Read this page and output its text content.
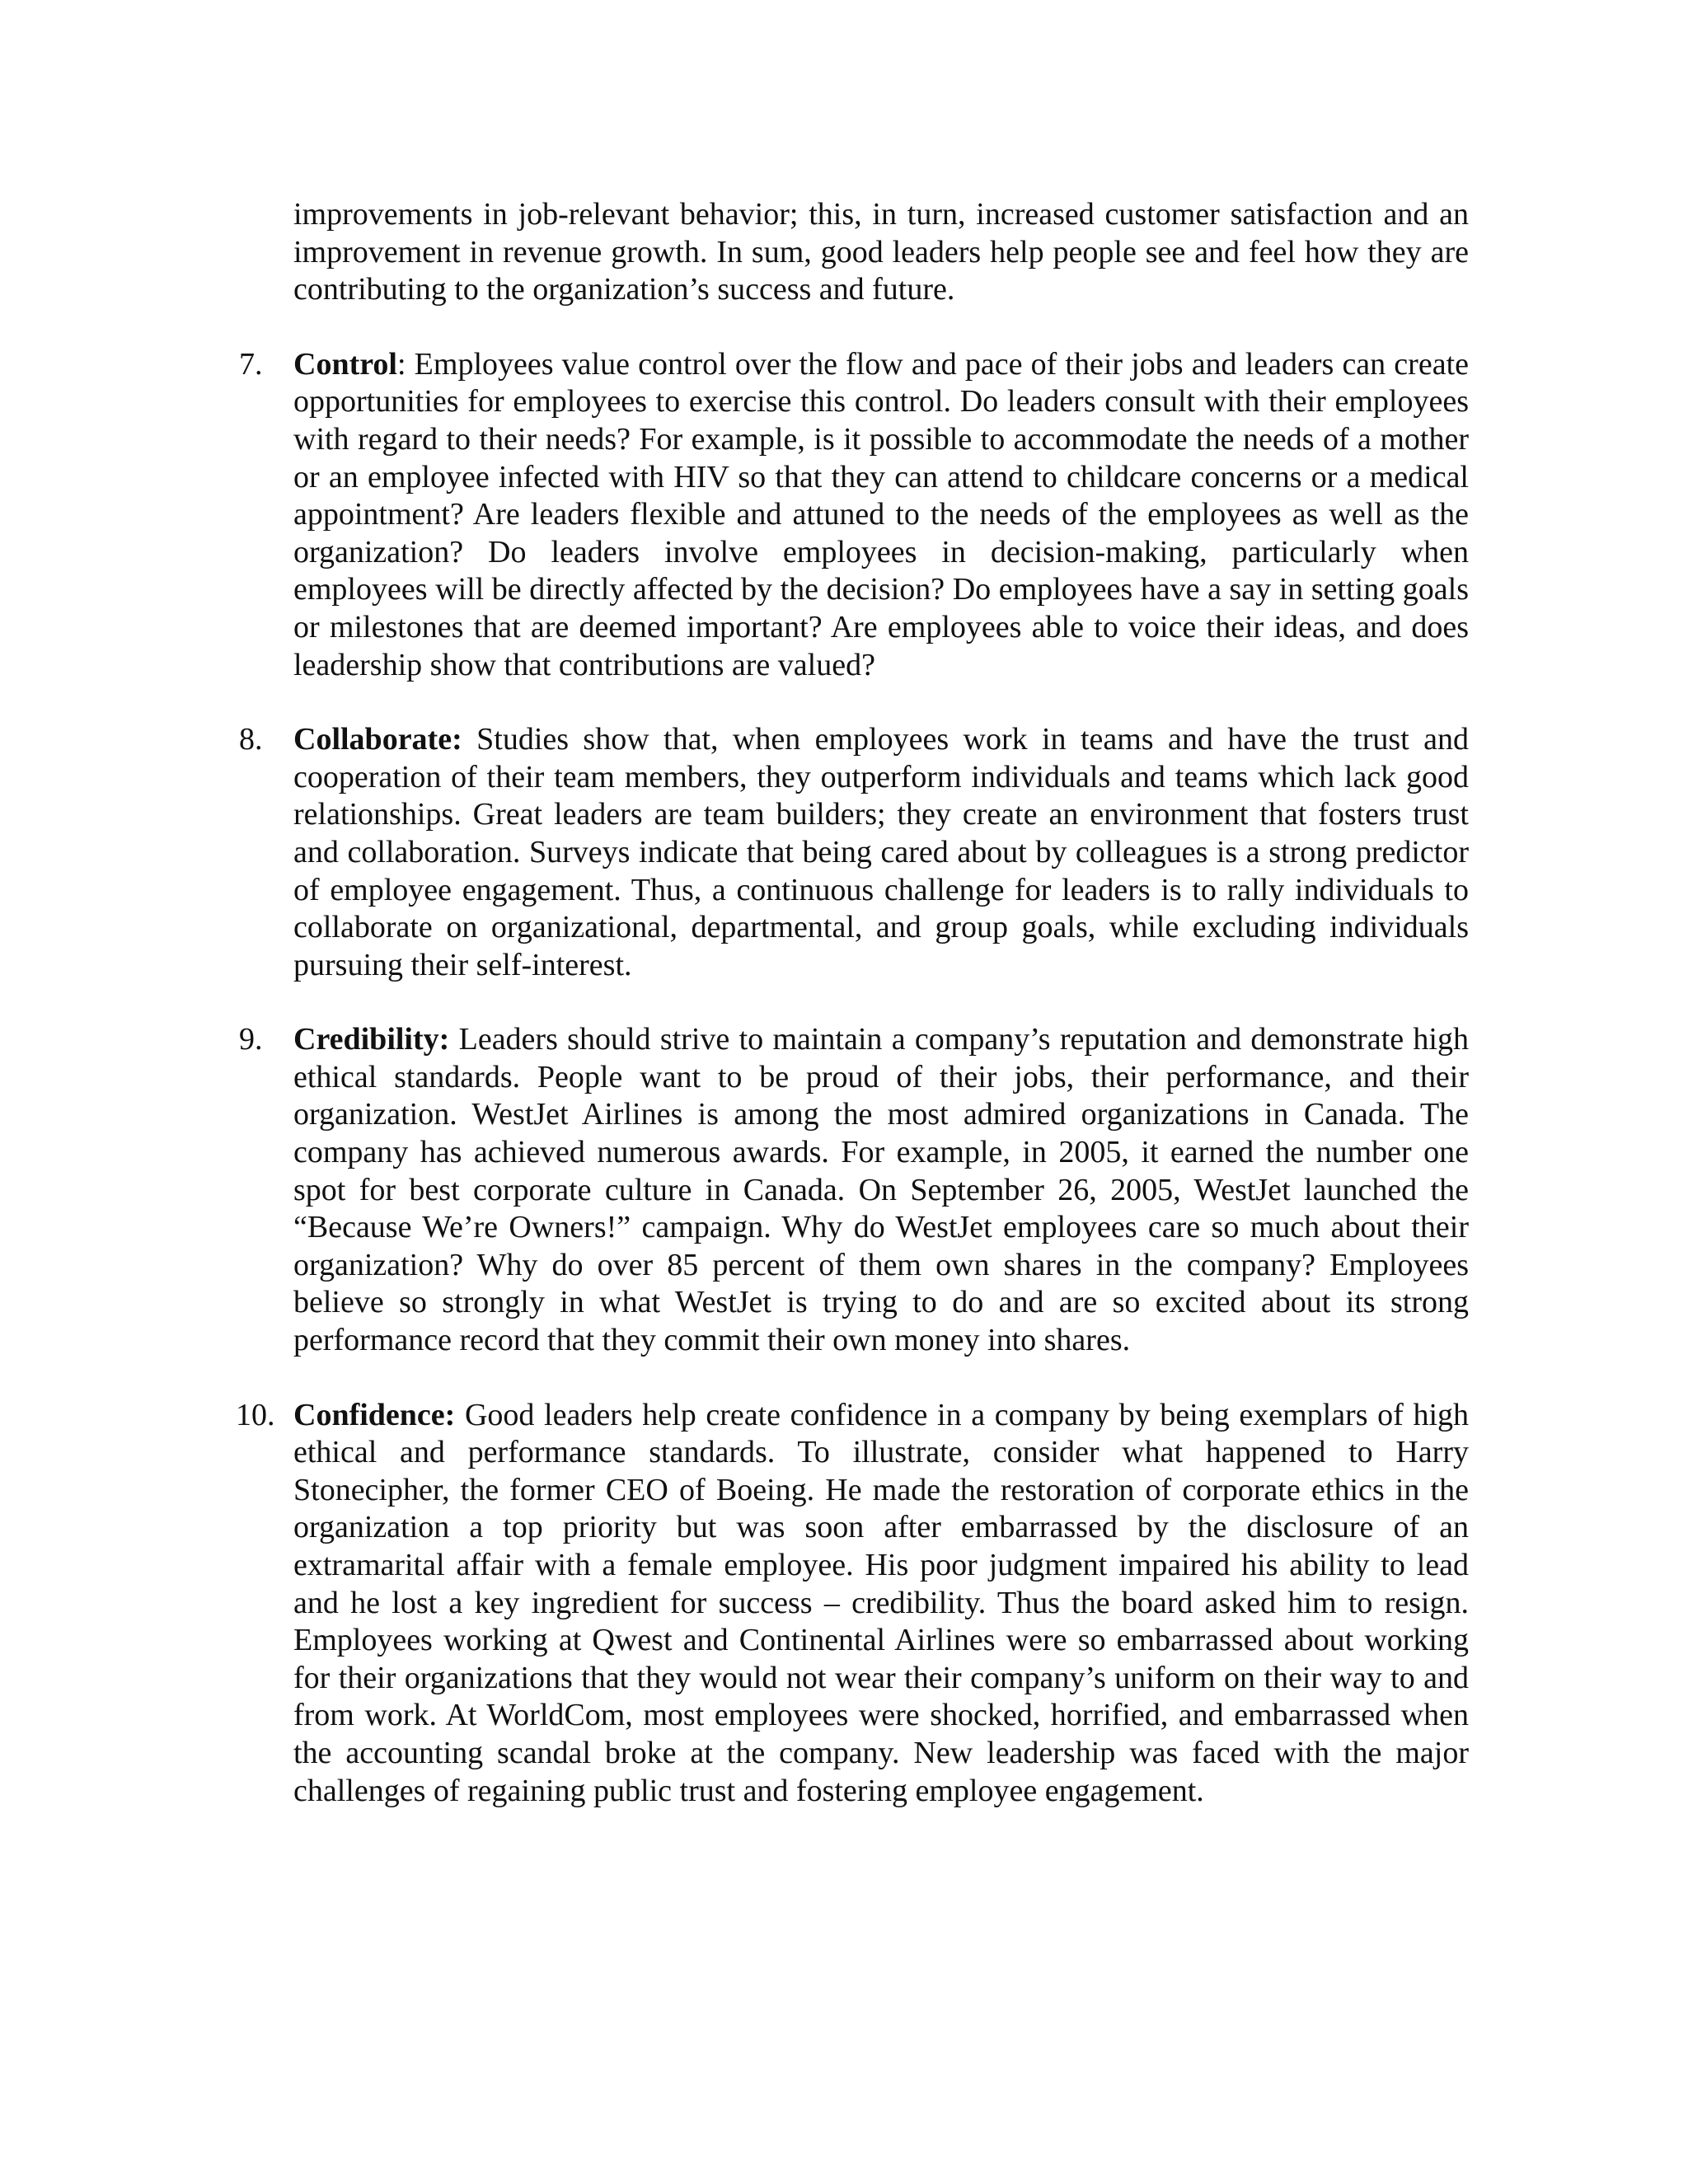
improvements in job-relevant behavior; this, in turn, increased customer satisfaction and an improvement in revenue growth. In sum, good leaders help people see and feel how they are contributing to the organization’s success and future.

7. Control: Employees value control over the flow and pace of their jobs and leaders can create opportunities for employees to exercise this control. Do leaders consult with their employees with regard to their needs? For example, is it possible to accommodate the needs of a mother or an employee infected with HIV so that they can attend to childcare concerns or a medical appointment? Are leaders flexible and attuned to the needs of the employees as well as the organization? Do leaders involve employees in decision-making, particularly when employees will be directly affected by the decision? Do employees have a say in setting goals or milestones that are deemed important? Are employees able to voice their ideas, and does leadership show that contributions are valued?

8. Collaborate: Studies show that, when employees work in teams and have the trust and cooperation of their team members, they outperform individuals and teams which lack good relationships. Great leaders are team builders; they create an environment that fosters trust and collaboration. Surveys indicate that being cared about by colleagues is a strong predictor of employee engagement. Thus, a continuous challenge for leaders is to rally individuals to collaborate on organizational, departmental, and group goals, while excluding individuals pursuing their self-interest.

9. Credibility: Leaders should strive to maintain a company’s reputation and demonstrate high ethical standards. People want to be proud of their jobs, their performance, and their organization. WestJet Airlines is among the most admired organizations in Canada. The company has achieved numerous awards. For example, in 2005, it earned the number one spot for best corporate culture in Canada. On September 26, 2005, WestJet launched the “Because We’re Owners!” campaign. Why do WestJet employees care so much about their organization? Why do over 85 percent of them own shares in the company? Employees believe so strongly in what WestJet is trying to do and are so excited about its strong performance record that they commit their own money into shares.

10. Confidence: Good leaders help create confidence in a company by being exemplars of high ethical and performance standards. To illustrate, consider what happened to Harry Stonecipher, the former CEO of Boeing. He made the restoration of corporate ethics in the organization a top priority but was soon after embarrassed by the disclosure of an extramarital affair with a female employee. His poor judgment impaired his ability to lead and he lost a key ingredient for success – credibility. Thus the board asked him to resign. Employees working at Qwest and Continental Airlines were so embarrassed about working for their organizations that they would not wear their company’s uniform on their way to and from work. At WorldCom, most employees were shocked, horrified, and embarrassed when the accounting scandal broke at the company. New leadership was faced with the major challenges of regaining public trust and fostering employee engagement.
